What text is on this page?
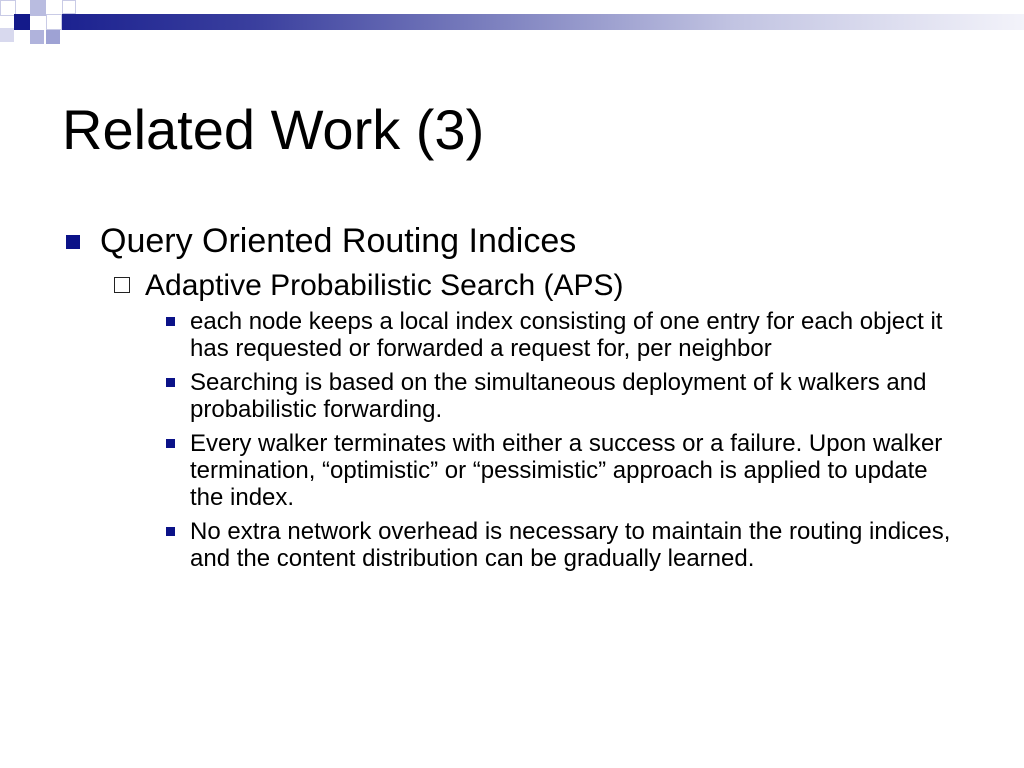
Related Work (3)
Query Oriented Routing Indices
Adaptive Probabilistic Search (APS)
each node keeps a local index consisting of one entry for each object it has requested or forwarded a request for, per neighbor
Searching is based on the simultaneous deployment of k walkers and probabilistic forwarding.
Every walker terminates with either a success or a failure. Upon walker termination, “optimistic” or “pessimistic” approach is applied to update the index.
No extra network overhead is necessary to maintain the routing indices, and the content distribution can be gradually learned.
